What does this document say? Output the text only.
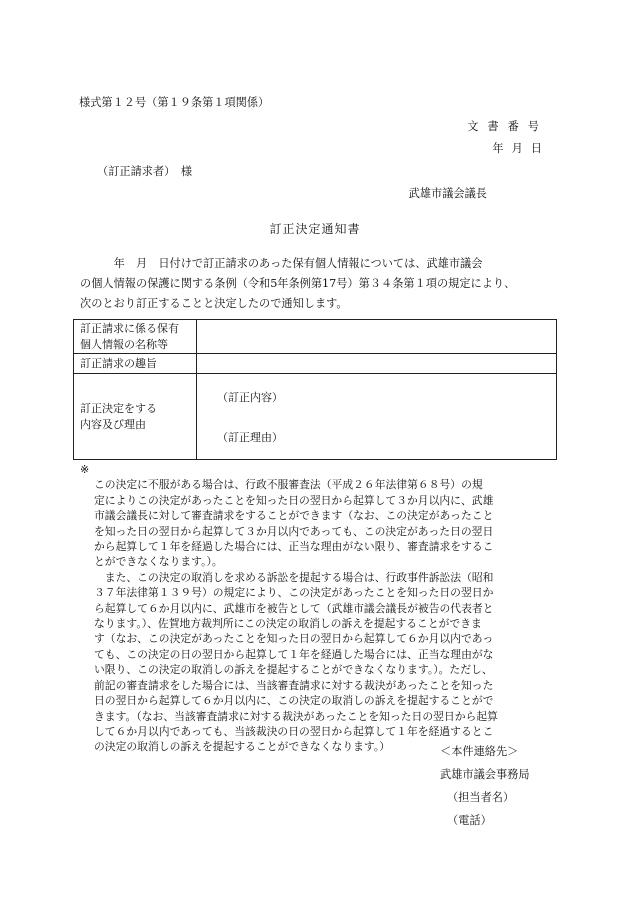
様式第１２号（第１９条第１項関係）
文書番号
年月日
（訂正請求者）　様
武雄市議会議長
訂正決定通知書
　　　年　月　日付けで訂正請求のあった保有個人情報については、武雄市議会
の個人情報の保護に関する条例（令和5年条例第17号）第３４条第１項の規定により、
次のとおり訂正することと決定したので通知します。
訂正請求に係る保有
個人情報の名称等	

訂正請求の趣旨	

訂正決定をする
内容及び理由	（訂正内容）
（訂正理由）
※
この決定に不服がある場合は、行政不服審査法（平成２６年法律第６８号）の規
定によりこの決定があったことを知った日の翌日から起算して３か月以内に、武雄
市議会議長に対して審査請求をすることができます（なお、この決定があったこと
を知った日の翌日から起算して３か月以内であっても、この決定があった日の翌日
から起算して１年を経過した場合には、正当な理由がない限り、審査請求をするこ
とができなくなります。）。
　また、この決定の取消しを求める訴訟を提起する場合は、行政事件訴訟法（昭和
３７年法律第１３９号）の規定により、この決定があったことを知った日の翌日か
ら起算して６か月以内に、武雄市を被告として（武雄市議会議長が被告の代表者と
なります。）、佐賀地方裁判所にこの決定の取消しの訴えを提起することができま
す（なお、この決定があったことを知った日の翌日から起算して６か月以内であっ
ても、この決定の日の翌日から起算して１年を経過した場合には、正当な理由がな
い限り、この決定の取消しの訴えを提起することができなくなります。）。ただし、
前記の審査請求をした場合には、当該審査請求に対する裁決があったことを知った
日の翌日から起算して６か月以内に、この決定の取消しの訴えを提起することがで
きます。（なお、当該審査請求に対する裁決があったことを知った日の翌日から起算
して６か月以内であっても、当該裁決の日の翌日から起算して１年を経過するとこ
の決定の取消しの訴えを提起することができなくなります。）	＜本件連絡先＞
武雄市議会事務局
（担当者名）
（電話）
